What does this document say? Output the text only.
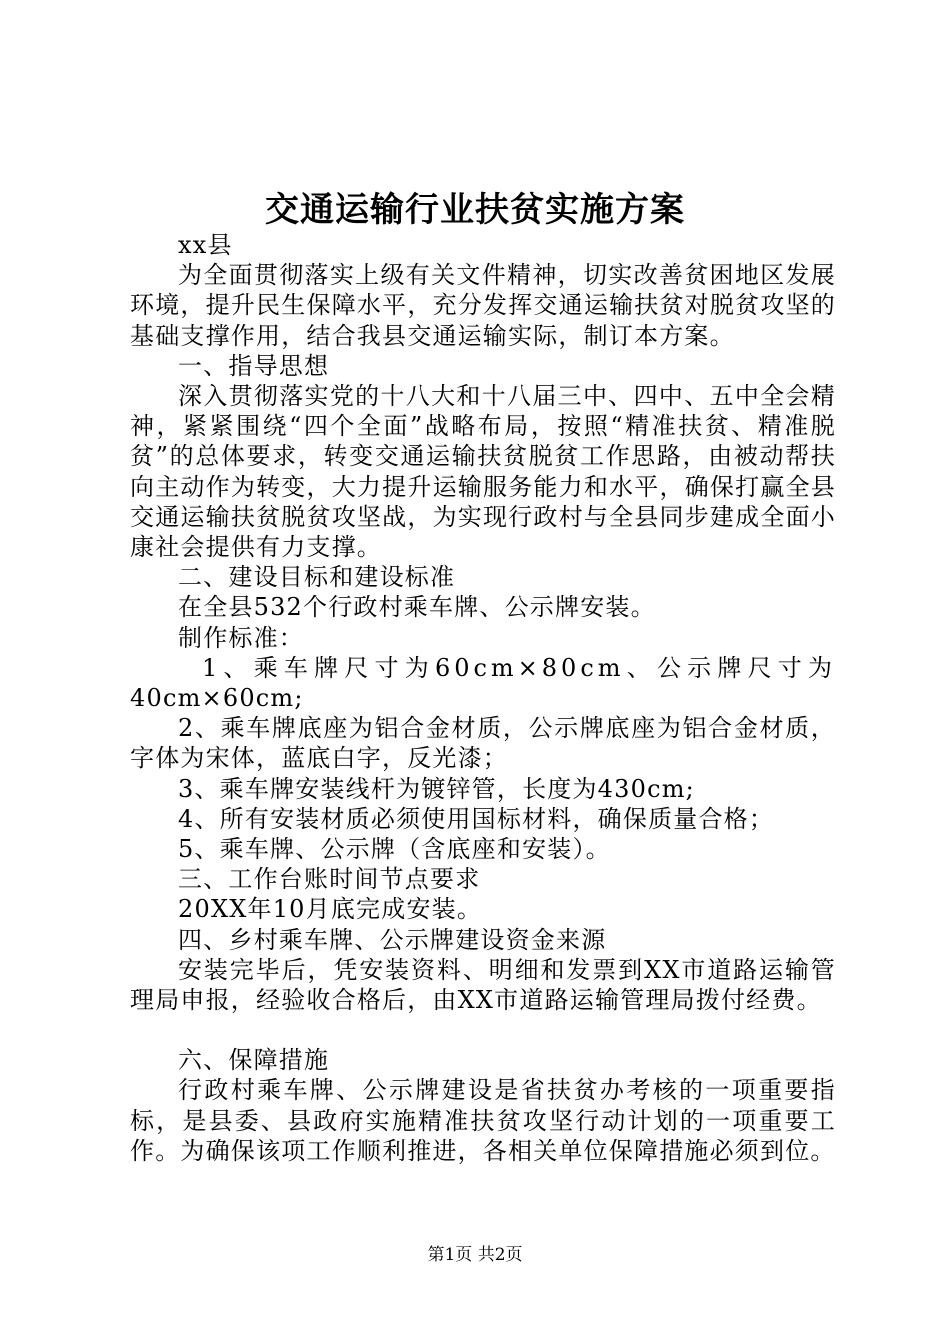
交通运输行业扶贫实施方案

xx县

为全面贯彻落实上级有关文件精神，切实改善贫困地区发展环境，提升民生保障水平，充分发挥交通运输扶贫对脱贫攻坚的基础支撑作用，结合我县交通运输实际，制订本方案。

一、指导思想

深入贯彻落实党的十八大和十八届三中、四中、五中全会精神，紧紧围绕“四个全面”战略布局，按照“精准扶贫、精准脱贫”的总体要求，转变交通运输扶贫脱贫工作思路，由被动帮扶向主动作为转变，大力提升运输服务能力和水平，确保打赢全县交通运输扶贫脱贫攻坚战，为实现行政村与全县同步建成全面小康社会提供有力支撑。

二、建设目标和建设标准

在全县532个行政村乘车牌、公示牌安装。

制作标准：

1、乘车牌尺寸为60cm×80cm、公示牌尺寸为

40cm×60cm;

2、乘车牌底座为铝合金材质，公示牌底座为铝合金材质，字体为宋体，蓝底白字，反光漆；

3、乘车牌安装线杆为镀锌管，长度为430cm;

4、所有安装材质必须使用国标材料，确保质量合格；

5、乘车牌、公示牌（含底座和安装）。

三、工作台账时间节点要求

20XX年10月底完成安装。

四、乡村乘车牌、公示牌建设资金来源

安装完毕后，凭安装资料、明细和发票到XX市道路运输管理局申报，经验收合格后，由XX市道路运输管理局拨付经费。

六、保障措施

行政村乘车牌、公示牌建设是省扶贫办考核的一项重要指标，是县委、县政府实施精准扶贫攻坚行动计划的一项重要工作。为确保该项工作顺利推进，各相关单位保障措施必须到位。

第1页 共2页
